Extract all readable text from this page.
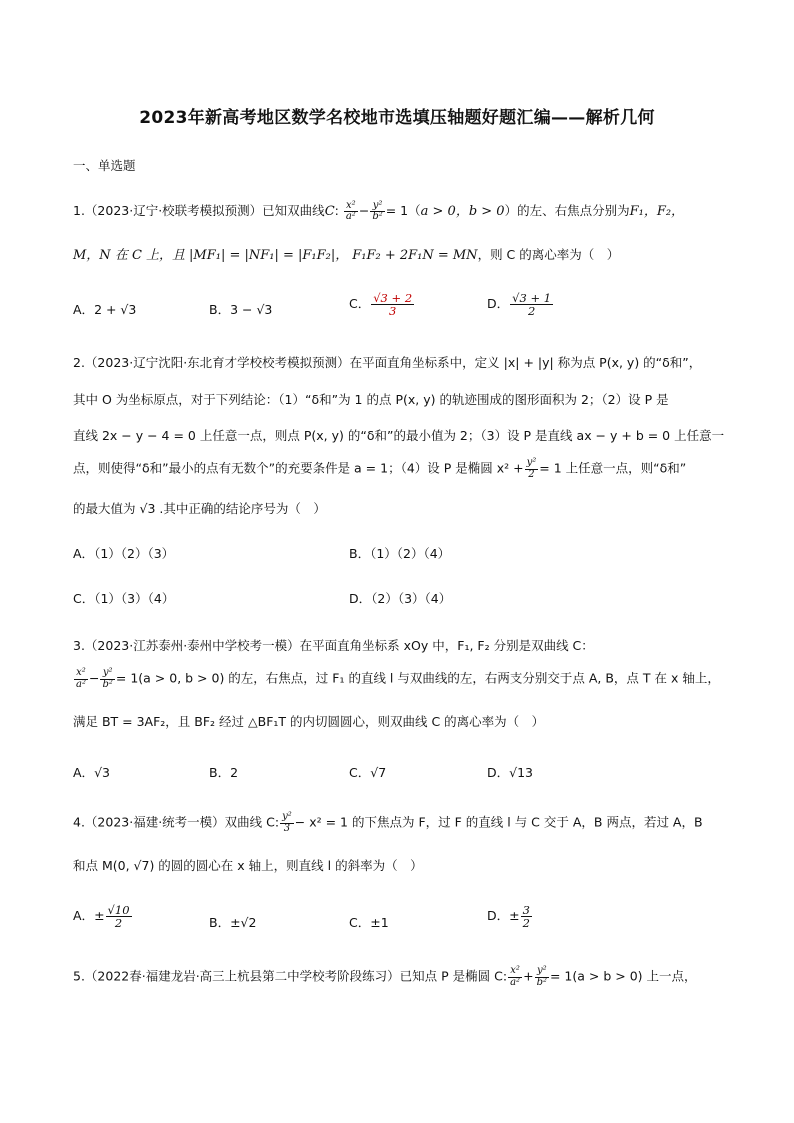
2023年新高考地区数学名校地市选填压轴题好题汇编——解析几何
一、单选题
1.（2023·辽宁·校联考模拟预测）已知双曲线C: $\frac{\text{x²}}{\text{a²}} - \frac{\text{y²}}{\text{b²}} = 1(a > 0$，b > 0）的左、右焦点分别为F₁，F₂，
M，N 在 C 上，且 |MF₁| = |NF₁| = |F₁F₂|， F₁F₂ + 2F₁N = MN，则 C 的离心率为（　）
A．2 + √3	B．3 − √3	C． $\frac{√3 + 2}{3}$	D． $\frac{√3 + 1}{2}$
2.（2023·辽宁沈阳·东北育才学校校考模拟预测）在平面直角坐标系中，定义 |x| + |y| 称为点 P(x, y) 的“δ和”，
其中 O 为坐标原点，对于下列结论：（1）“δ和”为 1 的点 P(x, y) 的轨迹围成的图形面积为 2；（2）设 P 是
直线 2x − y − 4 = 0 上任意一点，则点 P(x, y) 的“δ和”的最小值为 2；（3）设 P 是直线 ax − y + b = 0 上任意一
点，则使得“δ和”最小的点有无数个”的充要条件是 a = 1；（4）设 P 是椭圆 $x^2 + \frac{\text{y²}}{2} = 1$ 上任意一点，则“δ和”
的最大值为 √3 .其中正确的结论序号为（　）
A．（1）（2）（3）	B．（1）（2）（4）
C．（1）（3）（4）	D．（2）（3）（4）
3.（2023·江苏泰州·泰州中学校考一模）在平面直角坐标系 xOy 中，F₁, F₂ 分别是双曲线 C：
$\frac{\text{x²}}{\text{a²}} - \frac{\text{y²}}{\text{b²}} = 1(a > 0$, b > 0) 的左，右焦点，过 F₁ 的直线 l 与双曲线的左，右两支分别交于点 A, B，点 T 在 x 轴上，
满足 BT = 3AF₂，且 BF₂ 经过 △BF₁T 的内切圆圆心，则双曲线 C 的离心率为（　）
A．√3	B．2	C．√7	D．√13
4.（2023·福建·统考一模）双曲线 C: $\frac{\text{y²}}{3} - x^2 = 1$ 的下焦点为 F，过 F 的直线 l 与 C 交于 A，B 两点，若过 A，B
和点 M(0, √7) 的圆的圆心在 x 轴上，则直线 l 的斜率为（　）
A．± $\frac{√10}{2}$	B．±√2	C．±1	D．± $\frac{3}{2}$
5.（2022春·福建龙岩·高三上杭县第二中学校考阶段练习）已知点 P 是椭圆 C: $\frac{\text{x²}}{\text{a²}} + \frac{\text{y²}}{\text{b²}} = 1(a > b > 0)$ 上一点，
